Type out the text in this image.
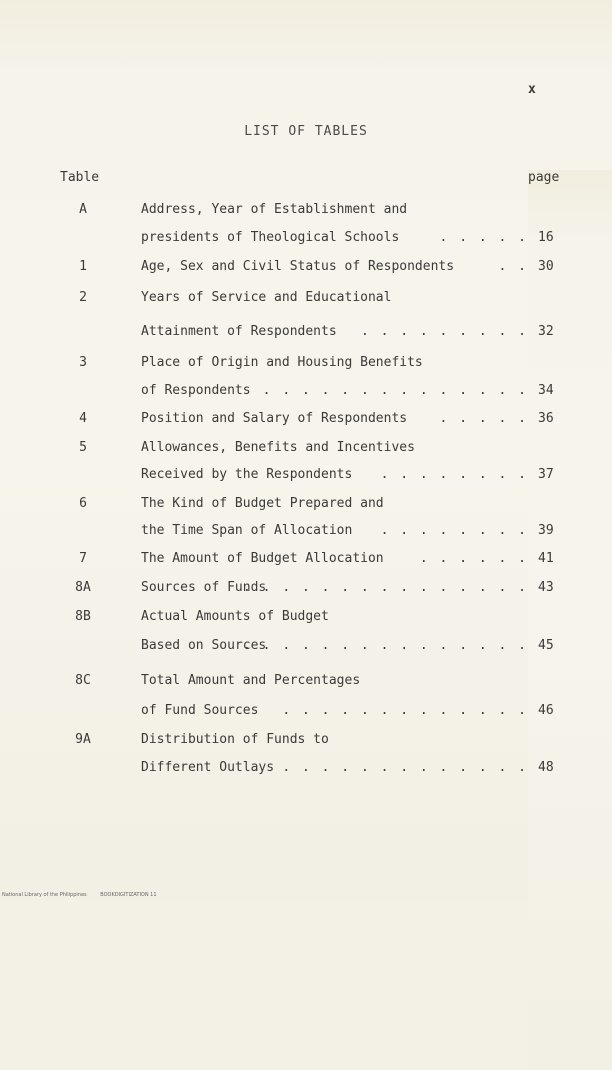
x
LIST OF TABLES
Table	page
A	Address, Year of Establishment and
presidents of Theological Schools	. . . . . 16
1	Age, Sex and Civil Status of Respondents	. . 30
2	Years of Service and Educational
Attainment of Respondents . . . . . . . . . 32
3	Place of Origin and Housing Benefits
of Respondents . . . . . . . . . . . . . . 34
4	Position and Salary of Respondents . . . . . 36
5	Allowances, Benefits and Incentives
Received by the Respondents . . . . . . . . 37
6	The Kind of Budget Prepared and
the Time Span of Allocation . . . . . . . . 39
7	The Amount of Budget Allocation	. . . . . . 41
8A	Sources of Funds
. . . . . . . . . . . . . . . 43
8B	Actual Amounts of Budget
Based on Sources
. . . . . . . . . . . . . . . 45
8C	Total Amount and Percentages
of Fund Sources . . . . . . . . . . . . . 46
9A	Distribution of Funds to
Different Outlays . . . . . . . . . . . . . 48
National Library of the Philippines	BOOKDIGITIZATION 11
